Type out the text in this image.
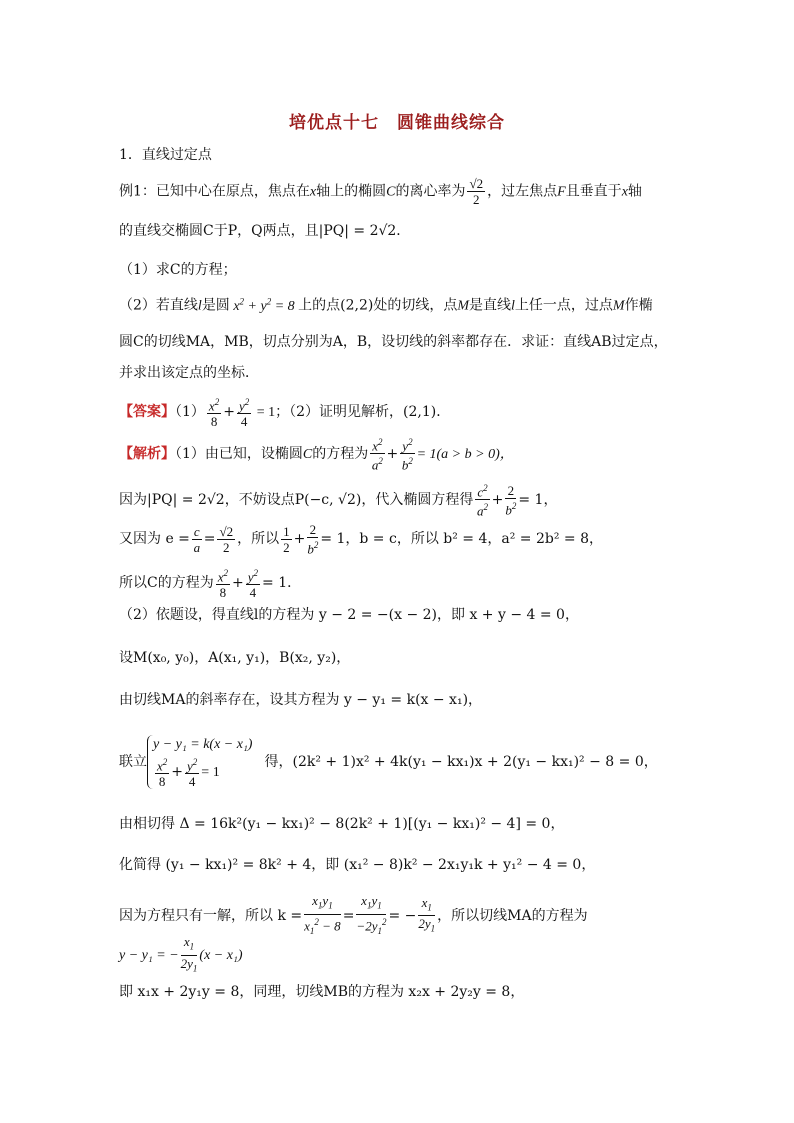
培优点十七　圆锥曲线综合
1．直线过定点
例1：已知中心在原点，焦点在x轴上的椭圆C的离心率为 $\frac{√2}{2}$ ，过左焦点F且垂直于x轴
的直线交椭圆C于P，Q两点，且|PQ| = 2√2．
（1）求C的方程；
（2）若直线l是圆 $x^2 + y^2 = 8$ 上的点(2,2)处的切线，点M是直线l上任一点，过点M作椭
圆C的切线MA，MB，切点分别为A，B，设切线的斜率都存在．求证：直线AB过定点，
并求出该定点的坐标．
【答案】$(1) \frac{x^2}{8} + \frac{y^2}{4} = 1$；（2）证明见解析，(2,1)．
【解析】（1）由已知，设椭圆C的方程为 $\frac{x^2}{a^2} + \frac{y^2}{b^2} = 1(a > b > 0)$，
因为|PQ| = 2√2，不妨设点P(−c, √2)，代入椭圆方程得 $\frac{c^2}{a^2} + \frac{2}{b^2} = 1$，
又因为 $e = \frac{c}{a} = \frac{√2}{2}$ ，所以 $\frac{1}{2} + \frac{2}{b^2} = 1$，b = c，所以 b² = 4，a² = 2b² = 8，
所以C的方程为 $\frac{x^2}{8} + \frac{y^2}{4} = 1$．
（2）依题设，得直线l的方程为 y − 2 = −(x − 2)，即 x + y − 4 = 0，
设M(x₀, y₀)，A(x₁, y₁)，B(x₂, y₂)，
由切线MA的斜率存在，设其方程为 y − y₁ = k(x − x₁)，
联立
y − y₁ = k(x − x₁)
$\frac{x^2}{8} + \frac{y^2}{4} = 1$
得，(2k² + 1)x² + 4k(y₁ − kx₁)x + 2(y₁ − kx₁)² − 8 = 0，
由相切得 Δ = 16k²(y₁ − kx₁)² − 8(2k² + 1)[(y₁ − kx₁)² − 4] = 0，
化简得 (y₁ − kx₁)² = 8k² + 4，即 (x₁² − 8)k² − 2x₁y₁k + y₁² − 4 = 0，
因为方程只有一解，所以 $k = \frac{x_1y_1}{x_1^2 - 8} = \frac{x_1y_1}{-2y_1^2}$ = − $\frac{x_1}{2y_1}$ ，所以切线MA的方程为
y − y₁ = − $\frac{x_1}{2y_1} (x - x_1)$
即 x₁x + 2y₁y = 8，同理，切线MB的方程为 x₂x + 2y₂y = 8，
